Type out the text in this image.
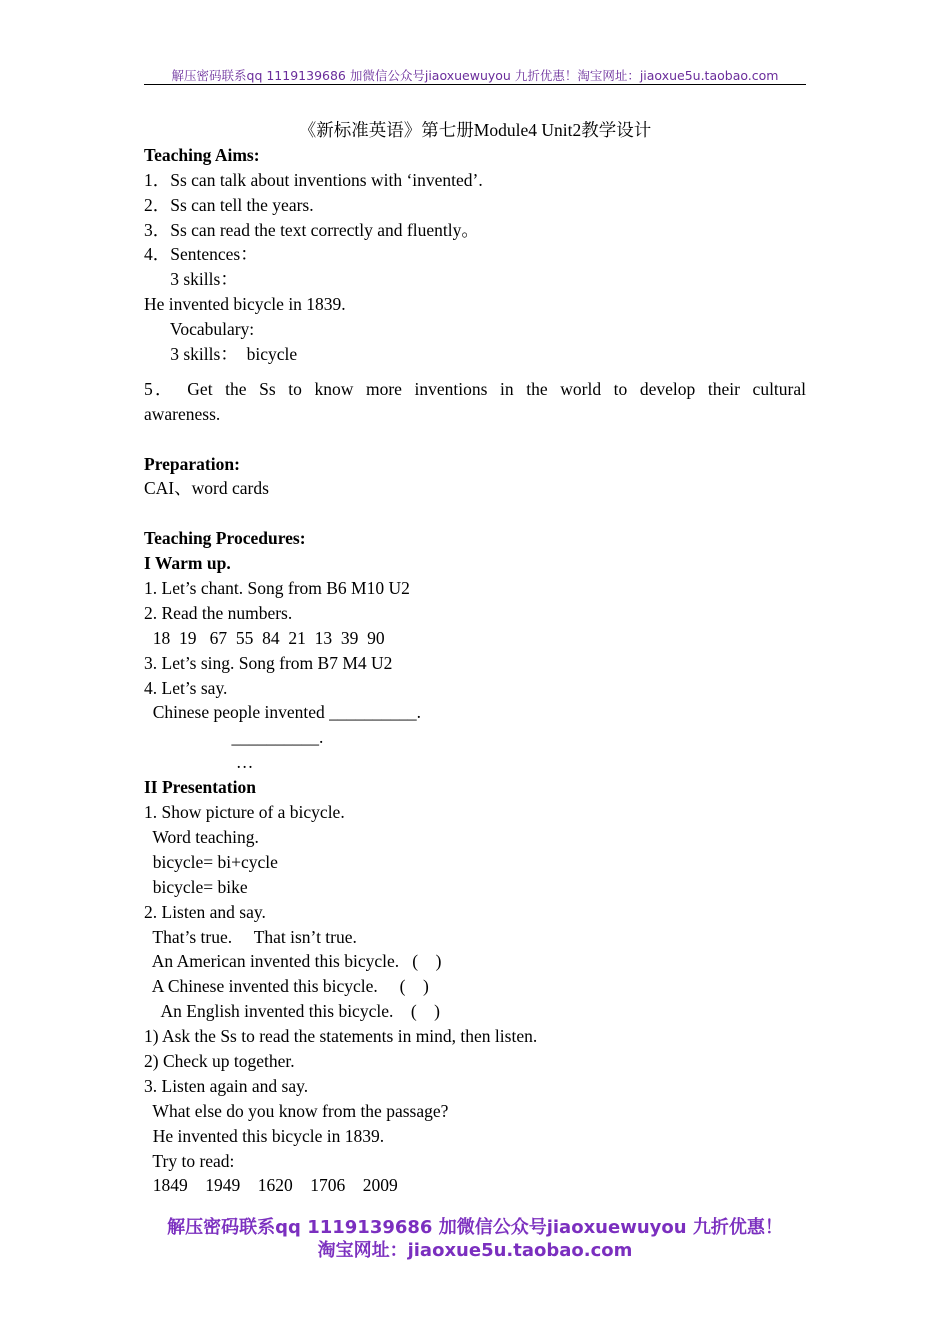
解压密码联系qq 1119139686 加微信公众号jiaoxuewuyou 九折优惠！淘宝网址：jiaoxue5u.taobao.com
《新标准英语》第七册Module4 Unit2教学设计
Teaching Aims:
1．Ss can talk about inventions with ‘invented’.
2．Ss can tell the years.
3．Ss can read the text correctly and fluently。
4．Sentences：
3 skills：
He invented bicycle in 1839.
Vocabulary:
3 skills：  bicycle
5． Get the Ss to know more inventions in the world to develop their cultural
awareness.
Preparation:
CAI、word cards
Teaching Procedures:
I Warm up.
1. Let’s chant. Song from B6 M10 U2
2. Read the numbers.
18  19   67  55  84  21  13  39  90
3. Let’s sing. Song from B7 M4 U2
4. Let’s say.
Chinese people invented __________.
__________.
…
II Presentation
1. Show picture of a bicycle.
Word teaching.
bicycle= bi+cycle
bicycle= bike
2. Listen and say.
That’s true.     That isn’t true.
An American invented this bicycle.   (    )
A Chinese invented this bicycle.     (    )
An English invented this bicycle.    (    )
1) Ask the Ss to read the statements in mind, then listen.
2) Check up together.
3. Listen again and say.
What else do you know from the passage?
He invented this bicycle in 1839.
Try to read:
1849    1949    1620    1706    2009
解压密码联系qq 1119139686 加微信公众号jiaoxuewuyou 九折优惠！
淘宝网址：jiaoxue5u.taobao.com
